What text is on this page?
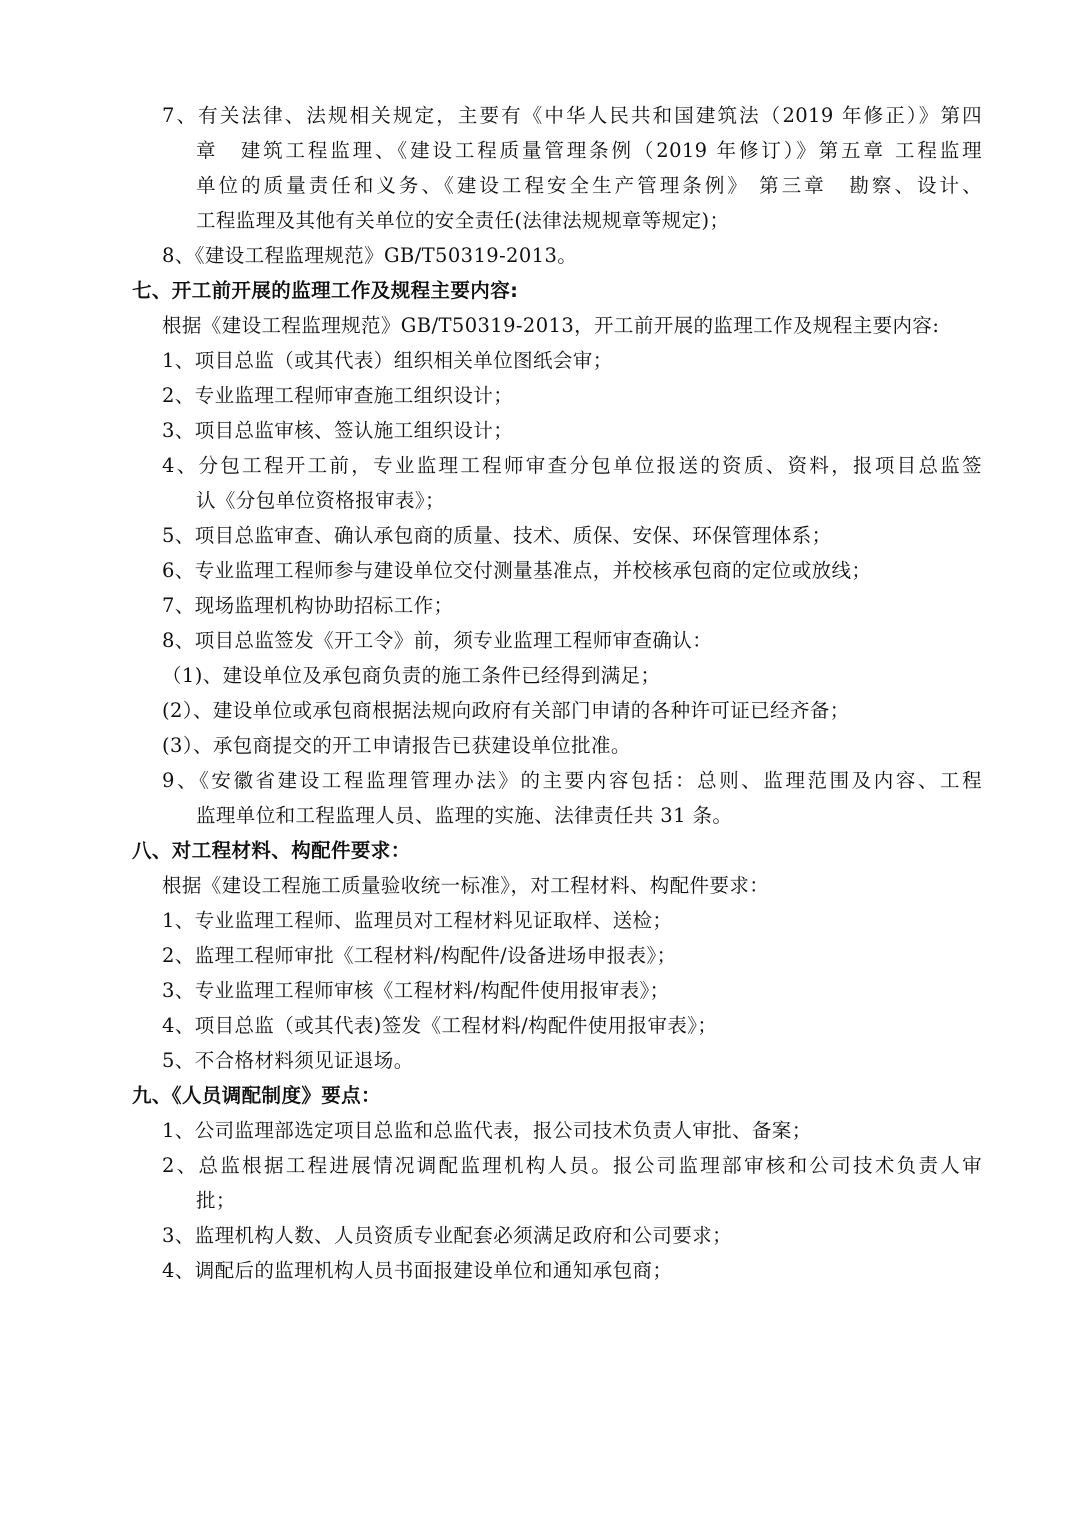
7、有关法律、法规相关规定，主要有《中华人民共和国建筑法（2019 年修正）》第四
章　建筑工程监理、《建设工程质量管理条例（2019 年修订）》第五章 工程监理
单位的质量责任和义务、《建设工程安全生产管理条例》 第三章　勘察、设计、
工程监理及其他有关单位的安全责任(法律法规规章等规定)；
8、《建设工程监理规范》GB/T50319-2013。
七、开工前开展的监理工作及规程主要内容:
根据《建设工程监理规范》GB/T50319-2013，开工前开展的监理工作及规程主要内容:
1、项目总监（或其代表）组织相关单位图纸会审；
2、专业监理工程师审查施工组织设计；
3、项目总监审核、签认施工组织设计；
4、分包工程开工前，专业监理工程师审查分包单位报送的资质、资料，报项目总监签
认《分包单位资格报审表》；
5、项目总监审查、确认承包商的质量、技术、质保、安保、环保管理体系；
6、专业监理工程师参与建设单位交付测量基准点，并校核承包商的定位或放线；
7、现场监理机构协助招标工作；
8、项目总监签发《开工令》前，须专业监理工程师审查确认：
（1)、建设单位及承包商负责的施工条件已经得到满足；
(2）、建设单位或承包商根据法规向政府有关部门申请的各种许可证已经齐备；
(3）、承包商提交的开工申请报告已获建设单位批准。
9、《安徽省建设工程监理管理办法》的主要内容包括：总则、监理范围及内容、工程
监理单位和工程监理人员、监理的实施、法律责任共 31 条。
八、对工程材料、构配件要求：
根据《建设工程施工质量验收统一标准》，对工程材料、构配件要求：
1、专业监理工程师、监理员对工程材料见证取样、送检；
2、监理工程师审批《工程材料/构配件/设备进场申报表》；
3、专业监理工程师审核《工程材料/构配件使用报审表》；
4、项目总监（或其代表)签发《工程材料/构配件使用报审表》；
5、不合格材料须见证退场。
九、《人员调配制度》要点：
1、公司监理部选定项目总监和总监代表，报公司技术负责人审批、备案；
2、总监根据工程进展情况调配监理机构人员。报公司监理部审核和公司技术负责人审
批；
3、监理机构人数、人员资质专业配套必须满足政府和公司要求；
4、调配后的监理机构人员书面报建设单位和通知承包商；
